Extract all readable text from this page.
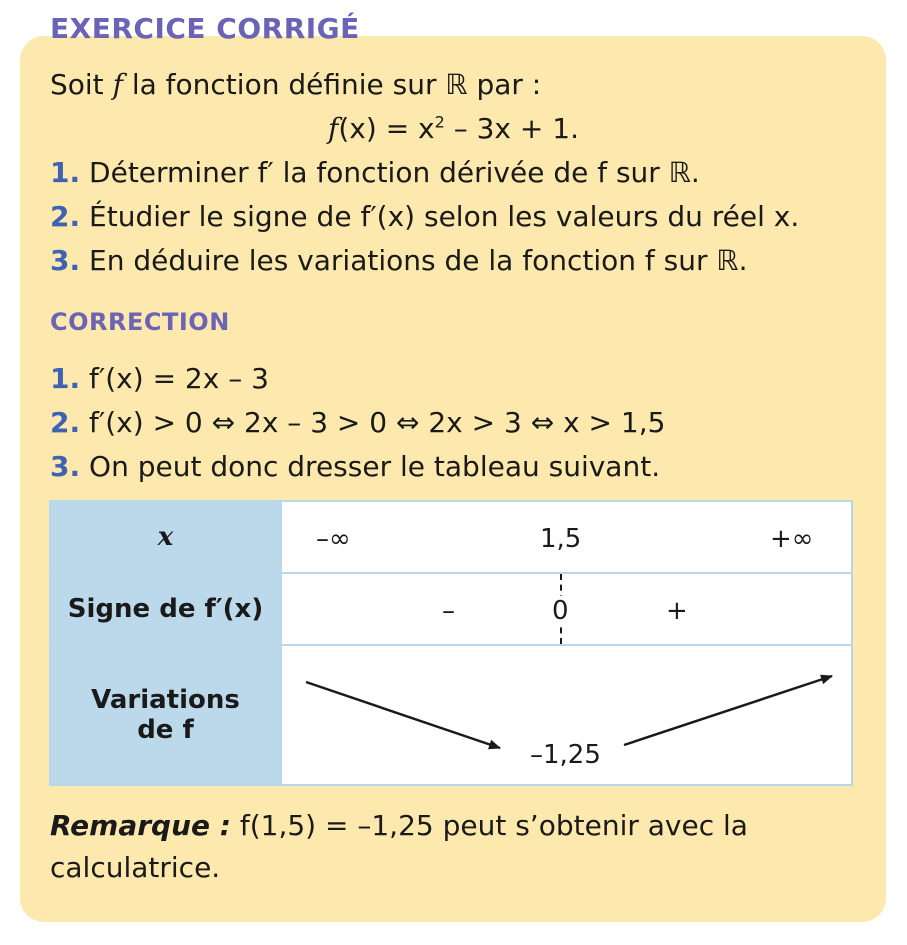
EXERCICE CORRIGÉ

Soit f la fonction définie sur ℝ par :

$f(x) = x^2 - 3x + 1$.

1. Déterminer f′ la fonction dérivée de f sur ℝ.

2. Étudier le signe de f′(x) selon les valeurs du réel x.

3. En déduire les variations de la fonction f sur ℝ.

CORRECTION

1. f′(x) = 2x – 3

2. f′(x) > 0 ⇔ 2x – 3 > 0 ⇔ 2x > 3 ⇔ x > 1,5

3. On peut donc dresser le tableau suivant.

x	–∞ 1,5 +∞

Signe de f′(x)	– 0 +

Variations
de f	–1,25

Remarque : f(1,5) = –1,25 peut s’obtenir avec la calculatrice.
